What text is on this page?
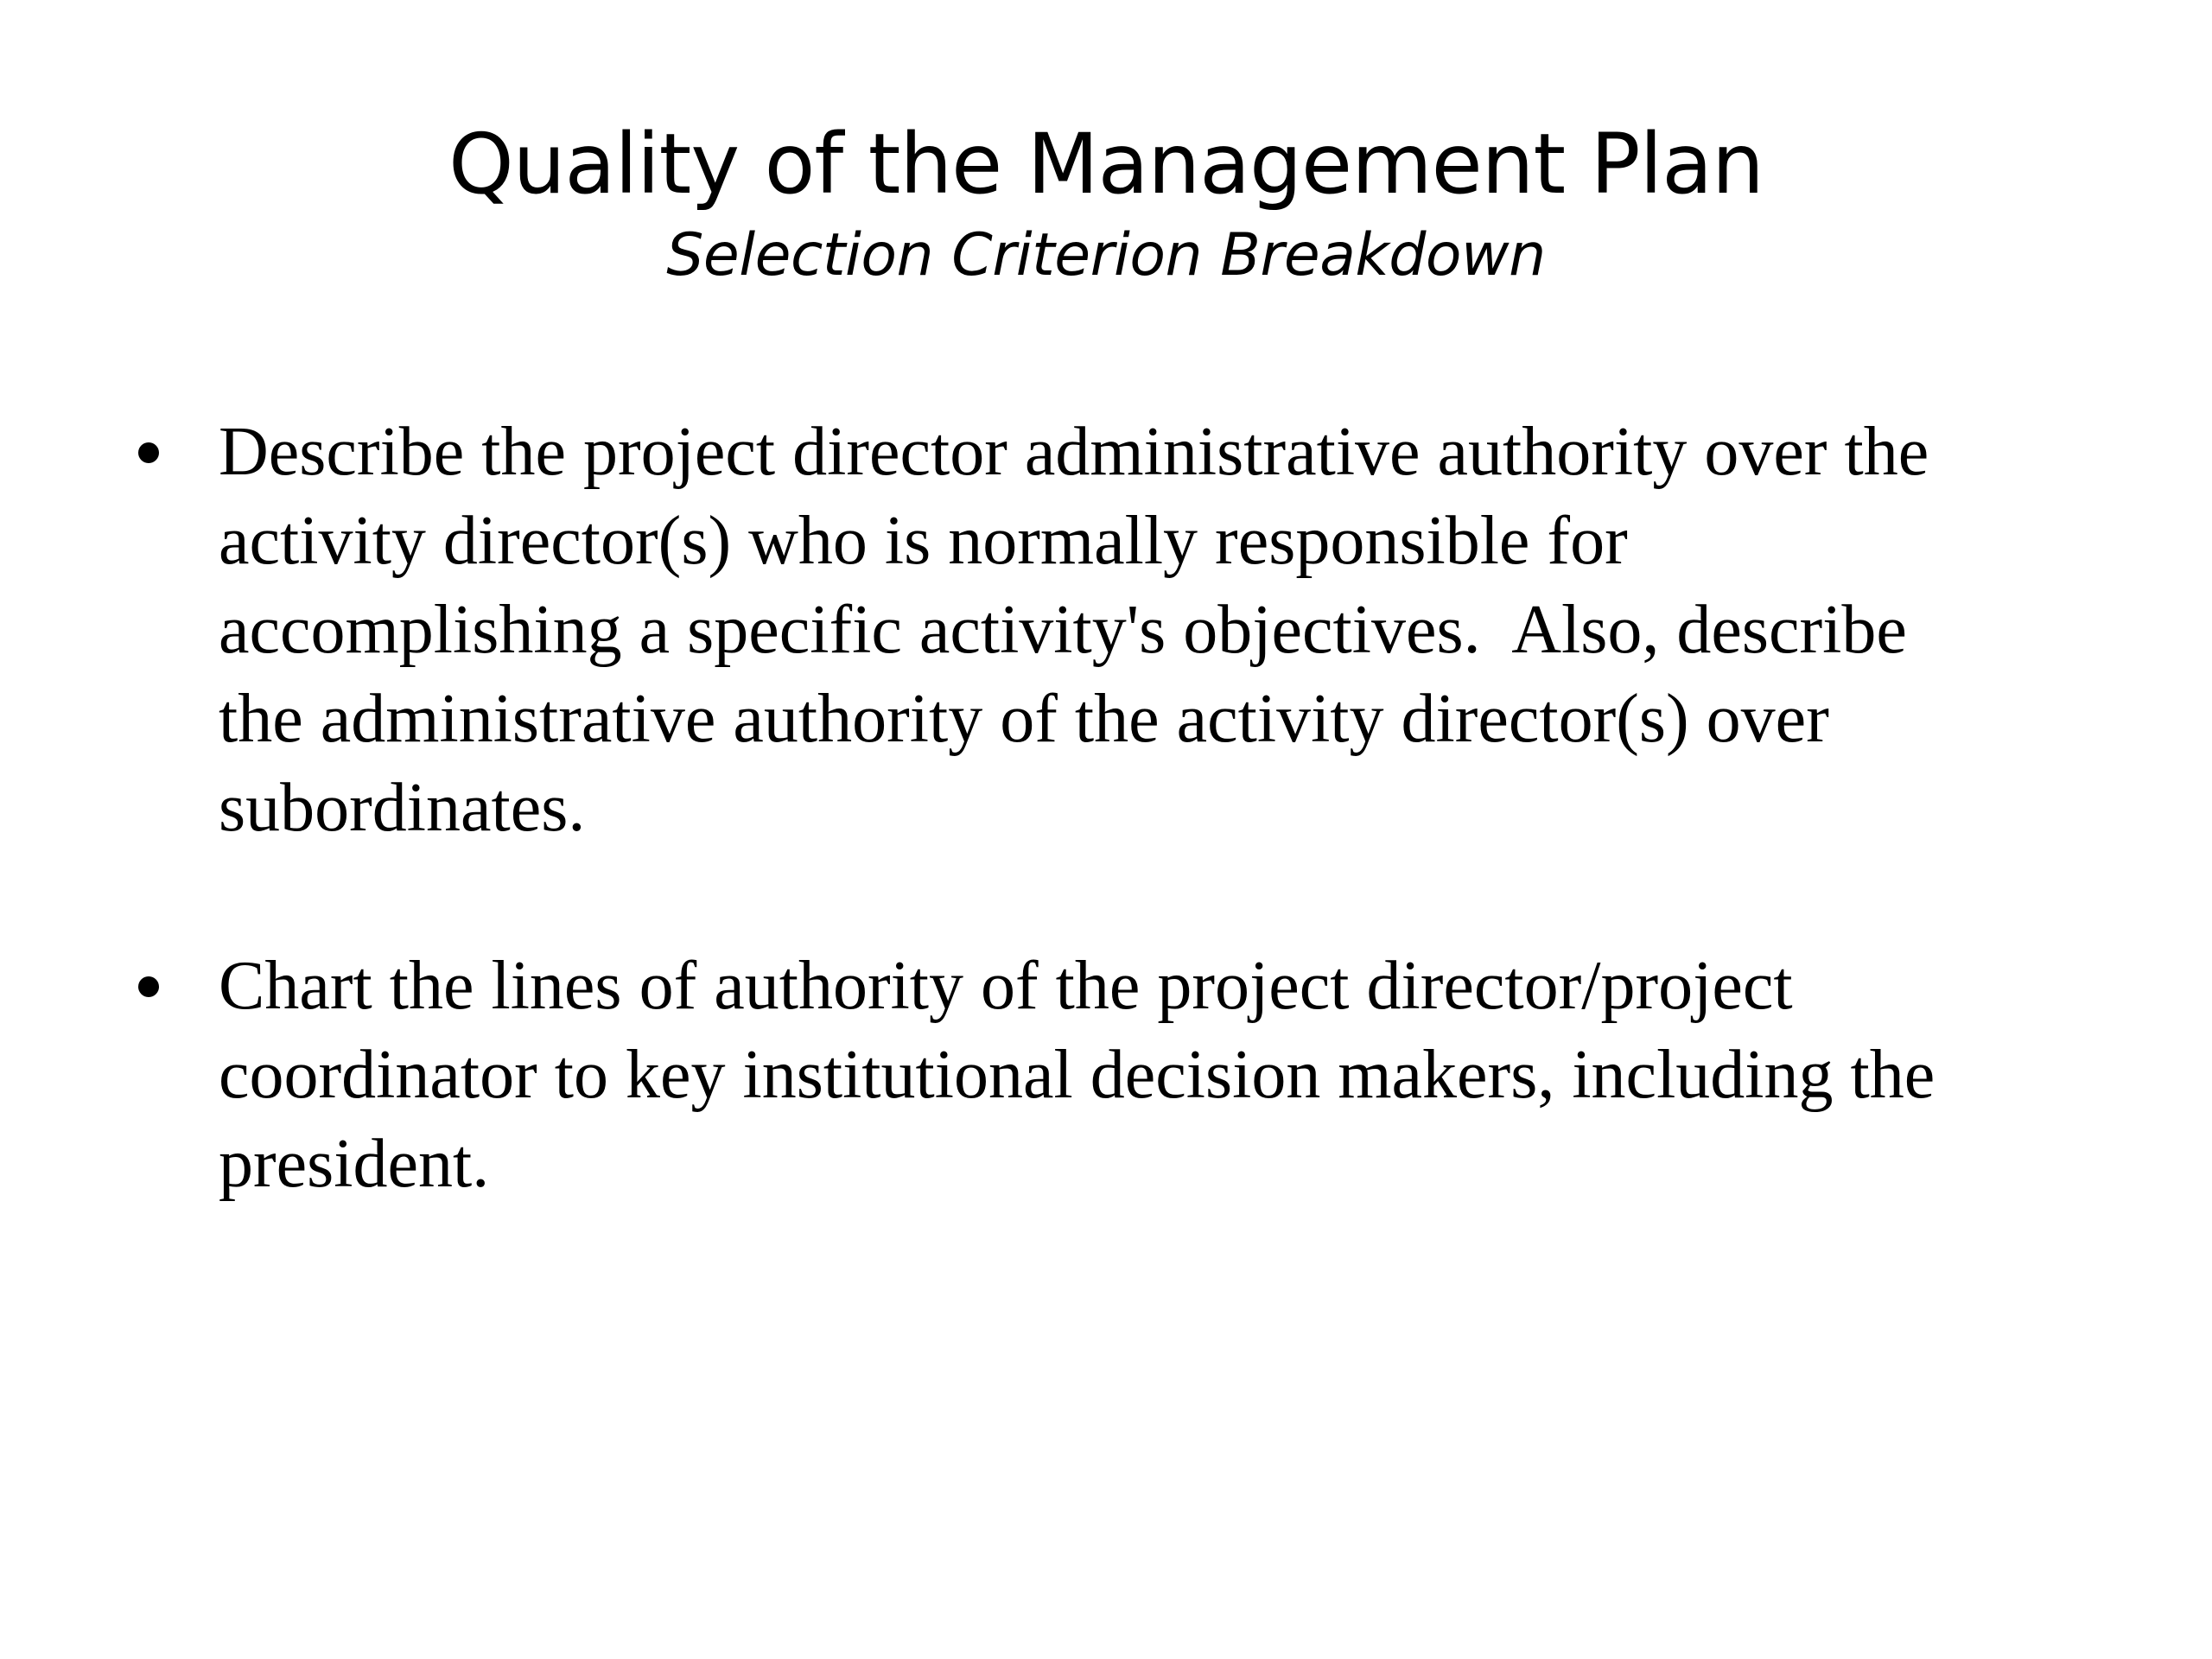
Quality of the Management Plan
Selection Criterion Breakdown
Describe the project director administrative authority over the
activity director(s) who is normally responsible for
accomplishing a specific activity's objectives.  Also, describe
the administrative authority of the activity director(s) over
subordinates.
Chart the lines of authority of the project director/project
coordinator to key institutional decision makers, including the
president.
